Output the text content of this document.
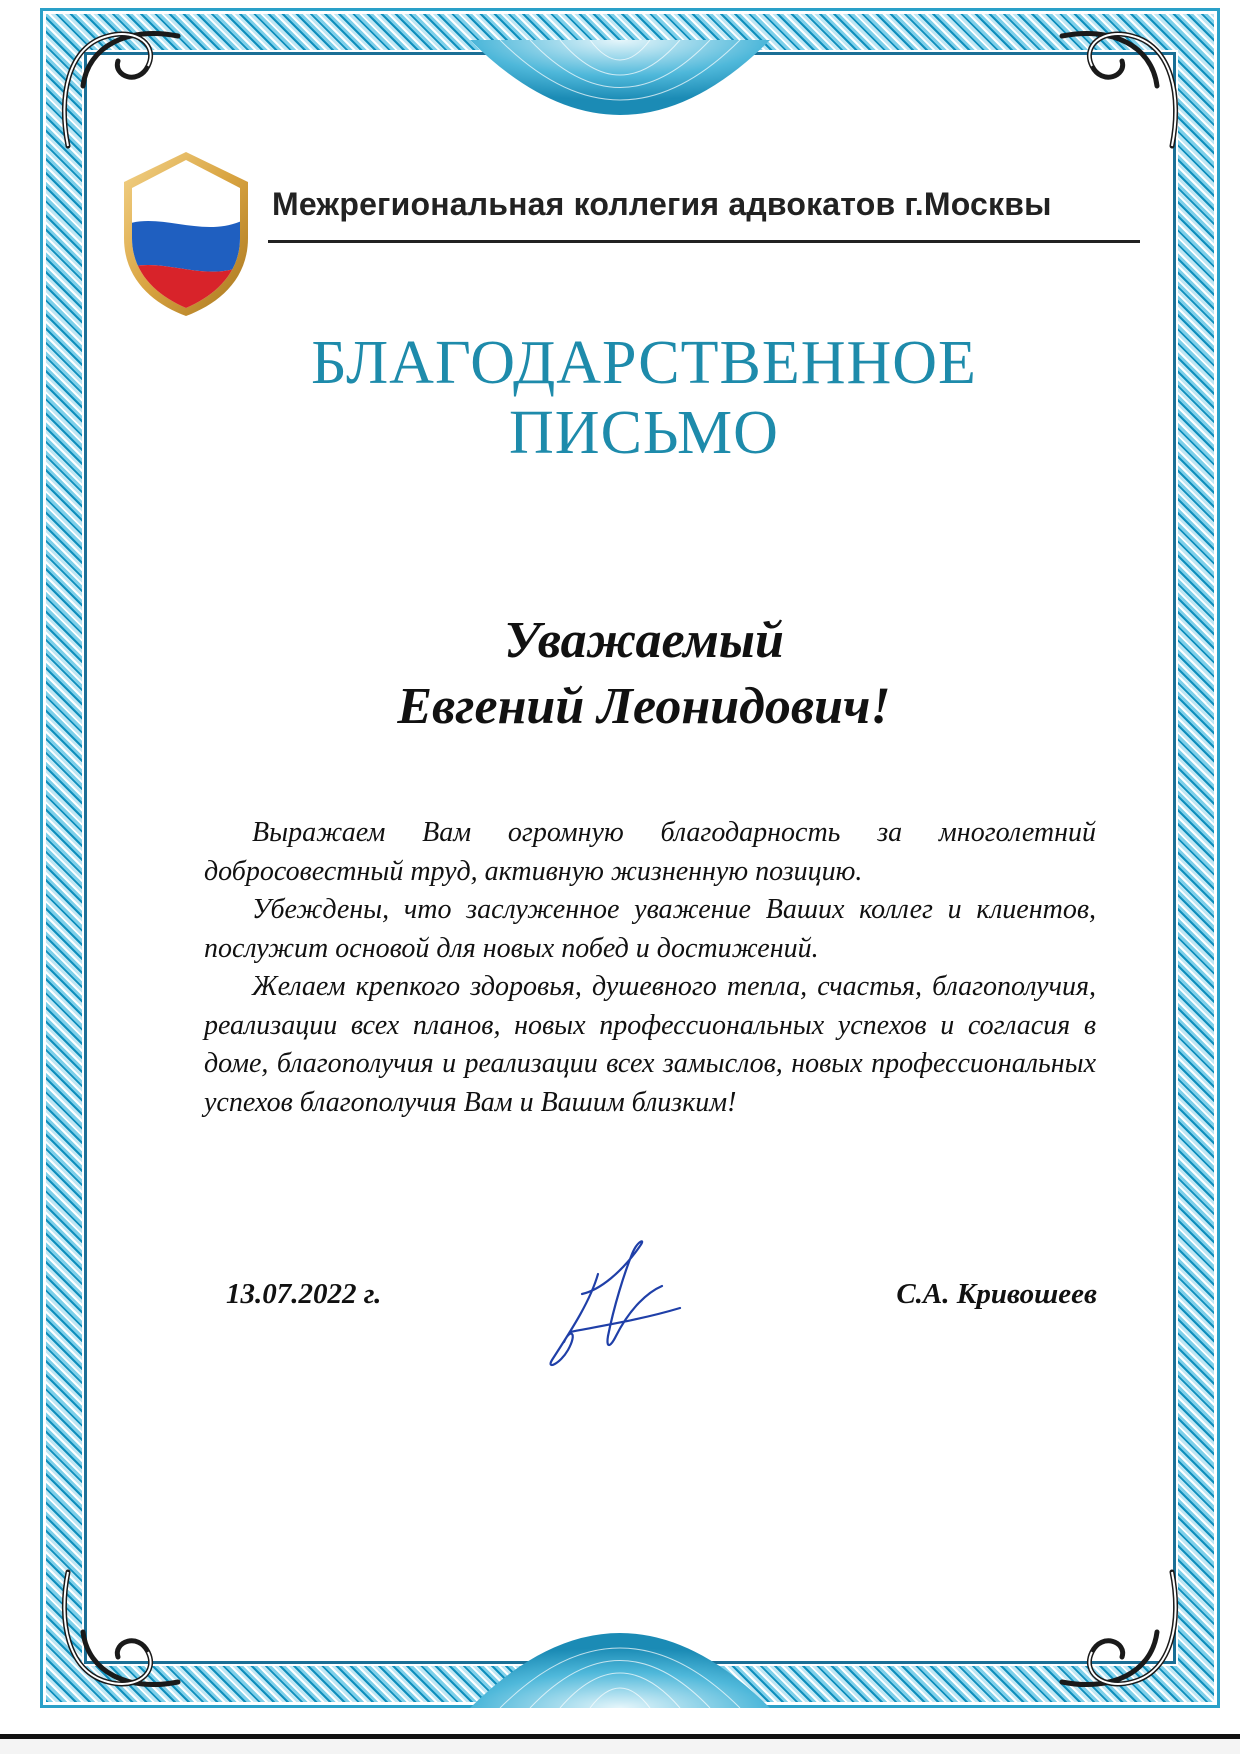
Межрегиональная коллегия адвокатов г.Москвы
БЛАГОДАРСТВЕННОЕ
ПИСЬМО
Уважаемый
Евгений Леонидович!

Выражаем Вам огромную благодарность за многолетний добросовестный труд, активную жизненную позицию.

Убеждены, что заслуженное уважение Ваших коллег и клиентов, послужит основой для новых побед и достижений.

Желаем крепкого здоровья, душевного тепла, счастья, благополучия, реализации всех планов, новых профессиональных успехов и согласия в доме, благополучия и реализации всех замыслов, новых профессиональных успехов благополучия Вам и Вашим близким!

13.07.2022 г.	С.А. Кривошеев
